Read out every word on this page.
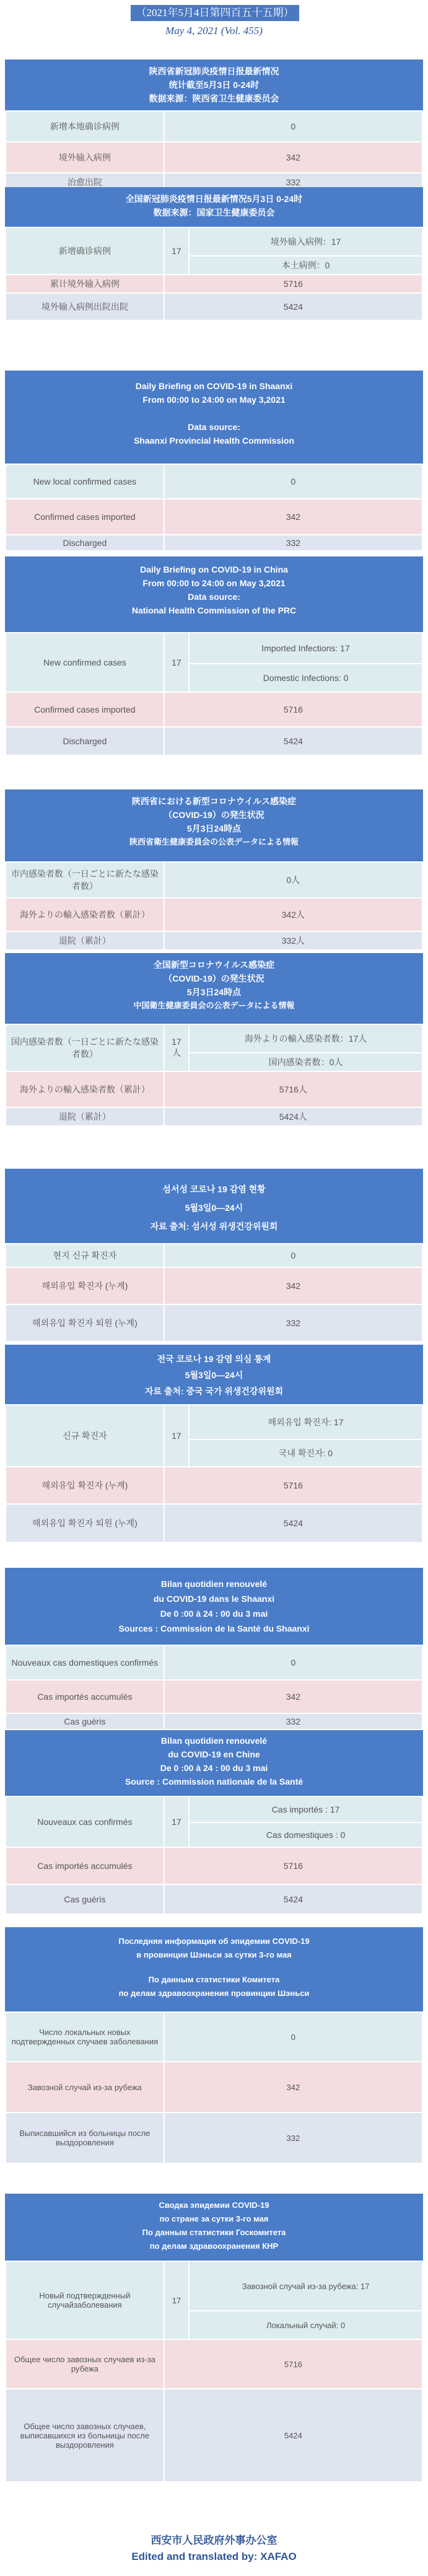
（2021年5月4日第四百五十五期）
May 4, 2021 (Vol. 455)
陕西省新冠肺炎疫情日报最新情况
统计截至5月3日 0-24时
数据来源：陕西省卫生健康委员会
新增本地确诊病例	0
境外输入病例	342
治愈出院	332
全国新冠肺炎疫情日报最新情况5月3日 0-24时
数据来源：国家卫生健康委员会
新增确诊病例	17	境外输入病例：17
		本土病例：0
累计境外输入病例	5716	
境外输入病例出院出院	5424	
Daily Briefing on COVID-19 in Shaanxi
From 00:00 to 24:00 on May 3,2021
Data source:
Shaanxi Provincial Health Commission
New local confirmed cases	0
Confirmed cases imported	342
Discharged	332
Daily Briefing on COVID-19 in China
From 00:00 to 24:00 on May 3,2021
Data source:
National Health Commission of the PRC
New confirmed cases	17	Imported Infections: 17
		Domestic Infections: 0
Confirmed cases imported	5716	
Discharged	5424	
陝西省における新型コロナウイルス感染症
（COVID-19）の発生状況
5月3日24時点
陝西省衛生健康委員会の公表データによる情報
市内感染者数（一日ごとに新たな感染者数）	0人
海外よりの輸入感染者数（累計）	342人
退院（累計）	332人
全国新型コロナウイルス感染症
（COVID-19）の発生状況
5月3日24時点
中国衛生健康委員会の公表データによる情報
国内感染者数（一日ごとに新たな感染者数）	17人	海外よりの輸入感染者数：17人
		国内感染者数：0人
海外よりの輸入感染者数（累計）	5716人	
退院（累計）	5424人	
섬서성 코로나 19 감염 현황
5월3일0—24시
자료 출처: 섬서성 위생건강위원회
현지 신규 확진자	0
해외유입 확진자 (누계)	342
해외유입 확진자 퇴원 (누계)	332
전국 코로나 19 감염 의심 통계
5월3일0—24시
자료 출처: 중국 국가 위생건강위원회
신규 확진자	17	해외유입 확진자: 17
		국내 확진자: 0
해외유입 확진자 (누계)	5716	
해외유입 확진자 퇴원 (누계)	5424	
Bilan quotidien renouvelé
du COVID-19 dans le Shaanxi
De 0 :00 à 24 : 00 du 3 mai
Sources : Commission de la Santé du Shaanxi
Nouveaux cas domestiques confirmés	0
Cas importés accumulés	342
Cas guéris	332
Bilan quotidien renouvelé
du COVID-19 en Chine
De 0 :00 à 24 : 00 du 3 mai
Source : Commission nationale de la Santé
Nouveaux cas confirmés	17	Cas importés : 17
		Cas domestiques : 0
Cas importés accumulés	5716	
Cas guéris	5424	
Последняя информация об эпидемии COVID-19
в провинции Шэньси за сутки 3-го мая
По данным статистики Комитета
по делам здравоохранения провинции Шэньси
Число локальных новых подтвержденных случаев заболевания	0
Завозной случай из-за рубежа	342
Выписавшийся из больницы после выздоровления	332
Сводка эпидемии COVID-19
по стране за сутки 3-го мая
По данным статистики Госкомитета
по делам здравоохранения КНР
Новый подтвержденный случайзаболевания	17	Завозной случай из-за рубежа: 17
		Локальный случай: 0
Общее число завозных случаев из-за рубежа	5716	
Общее число завозных случаев, выписавшихся из больницы после выздоровления	5424	
西安市人民政府外事办公室
Edited and translated by: XAFAO
